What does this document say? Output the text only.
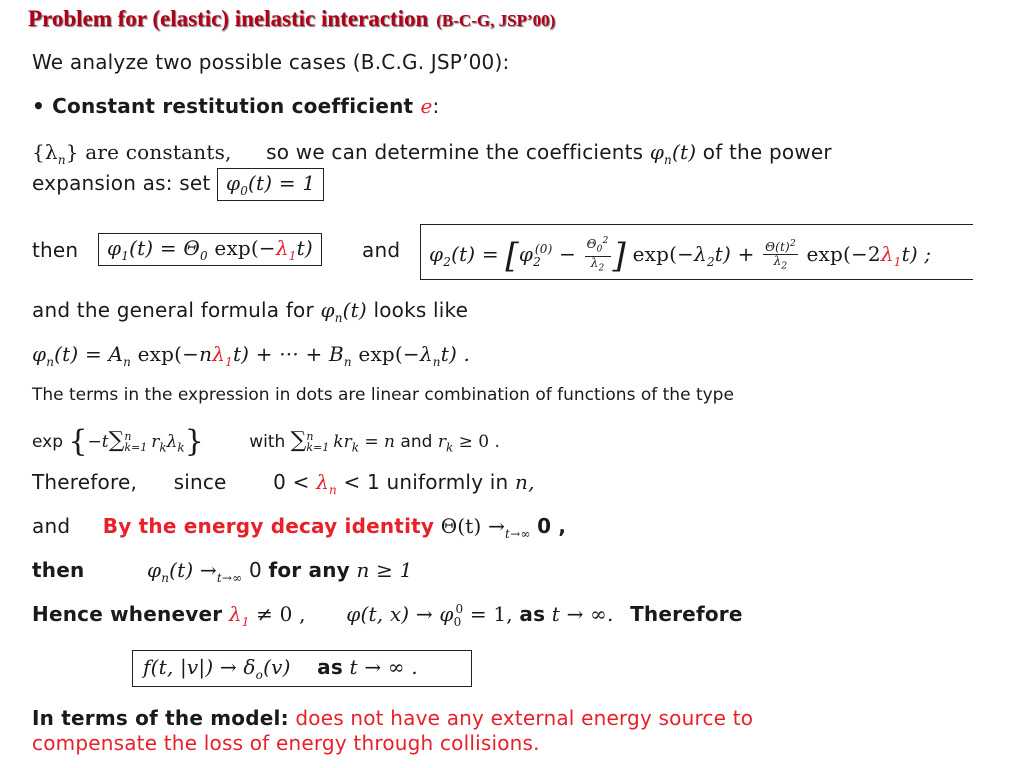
Problem for (elastic) inelastic interaction (B-C-G, JSP’00)
We analyze two possible cases (B.C.G. JSP’00):
• Constant restitution coefficient e:
$\{\lambda_n\}$ are constants, so we can determine the coefficients $\varphi_n(t)$ of the power
expansion as: set $\varphi_0(t) = 1$
then	$\varphi_1(t) = \Theta_0$ $\exp(-\lambda_1t)$	and $\varphi_2(t) = [\varphi_2^{(0)} - \frac{\Theta_0^2}{\lambda_2}$ ] $\exp(-\lambda_2t) + \frac{\Theta(t)^2}{\lambda_2} \exp(-2\lambda_1t)$ ;
and the general formula for $\varphi_n(t)$ looks like
$\varphi_n(t) = A_n$ $\exp(-n\lambda_1t)$ + ··· + $B_n$ $\exp(-\lambda_nt)$ .
The terms in the expression in dots are linear combination of functions of the type
exp {−t∑ n
k=1 $r_k\lambda_k$}	with ∑ n
k=1 $kr_k = n$ and $r_k \ge 0$ .
Therefore, since $0 < \lambda_n < 1$ uniformly in n,
and By the energy decay identity $\Theta(t) \to_{t\to\infty}$ 0 ,
then	$\varphi_n(t) \to_{t\to\infty}$ 0 for any n ≥ 1
Hence whenever $\lambda_1 \ne 0$ , φ(t, $x) \to \varphi_0^0 = 1$, as t → ∞. Therefore
f(t, $|v|) \to \delta_o(v)$ as t → ∞ .
In terms of the model: does not have any external energy source to
compensate the loss of energy through collisions.
